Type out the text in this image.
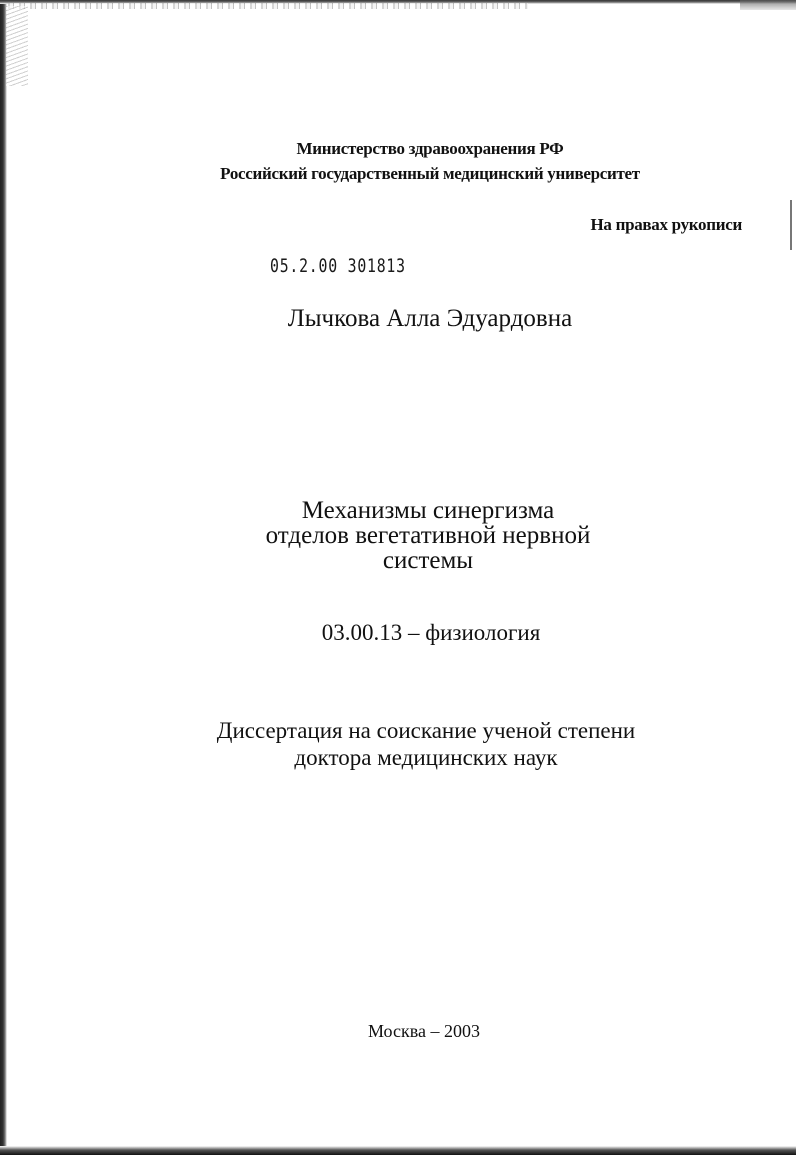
Министерство здравоохранения РФ

Российский государственный медицинский университет

На правах рукописи

05.2.00 301813

Лычкова Алла Эдуардовна

Механизмы синергизма
отделов вегетативной нервной
системы

03.00.13 – физиология

Диссертация на соискание ученой степени
доктора медицинских наук

Москва – 2003
